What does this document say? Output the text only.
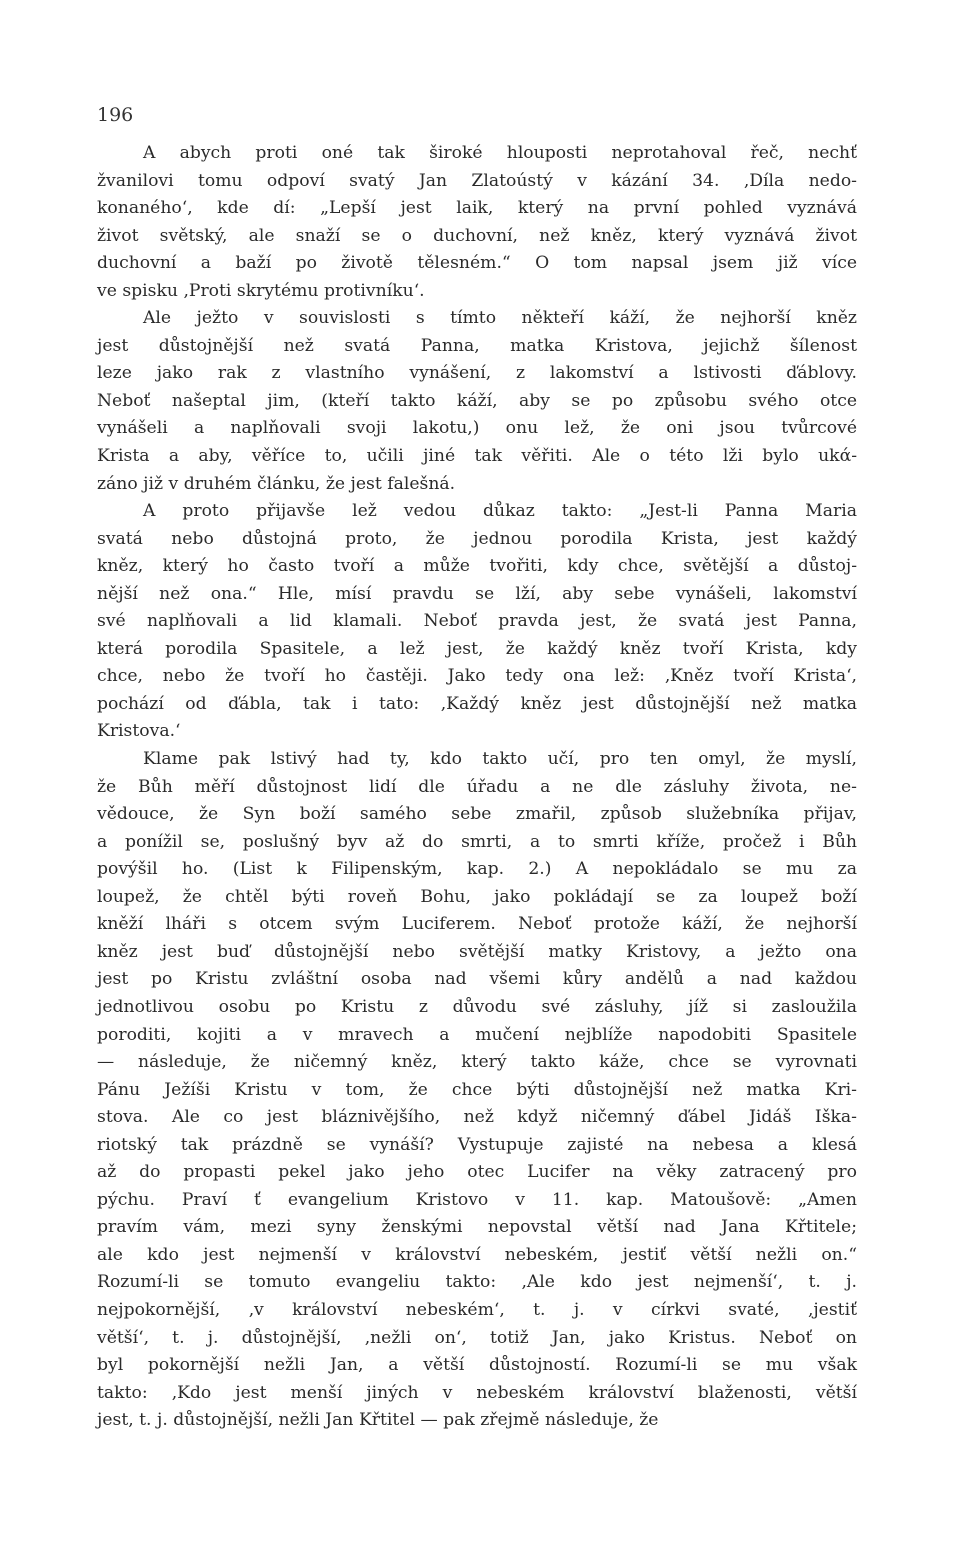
196
A abych proti oné tak široké hlouposti neprotahoval řeč, nechť
žvanilovi tomu odpoví svatý Jan Zlatoústý v kázání 34. ‚Díla nedo-
konaného‘, kde dí: „Lepší jest laik, který na první pohled vyznává
život světský, ale snaží se o duchovní, než kněz, který vyznává život
duchovní a baží po životě tělesném.“ O tom napsal jsem již více
ve spisku ‚Proti skrytému protivníku‘.
Ale ježto v souvislosti s tímto někteří káží, že nejhorší kněz
jest důstojnější než svatá Panna, matka Kristova, jejichž šílenost
leze jako rak z vlastního vynášení, z lakomství a lstivosti ďáblovy.
Neboť našeptal jim, (kteří takto káží, aby se po způsobu svého otce
vynášeli a naplňovali svoji lakotu,) onu lež, že oni jsou tvůrcové
Krista a aby, věříce to, učili jiné tak věřiti. Ale o této lži bylo ukά-
záno již v druhém článku, že jest falešná.
A proto přijavše lež vedou důkaz takto: „Jest-li Panna Maria
svatá nebo důstojná proto, že jednou porodila Krista, jest každý
kněz, který ho často tvoří a může tvořiti, kdy chce, světější a důstoj-
nější než ona.“ Hle, mísí pravdu se lží, aby sebe vynášeli, lakomství
své naplňovali a lid klamali. Neboť pravda jest, že svatá jest Panna,
která porodila Spasitele, a lež jest, že každý kněz tvoří Krista, kdy
chce, nebo že tvoří ho častěji. Jako tedy ona lež: ‚Kněz tvoří Krista‘,
pochází od ďábla, tak i tato: ‚Každý kněz jest důstojnější než matka
Kristova.‘
Klame pak lstivý had ty, kdo takto učí, pro ten omyl, že myslí,
že Bůh měří důstojnost lidí dle úřadu a ne dle zásluhy života, ne-
vědouce, že Syn boží samého sebe zmařil, způsob služebníka přijav,
a ponížil se, poslušný byv až do smrti, a to smrti kříže, pročež i Bůh
povýšil ho. (List k Filipenským, kap. 2.) A nepokládalo se mu za
loupež, že chtěl býti roveň Bohu, jako pokládají se za loupež boží
kněží lháři s otcem svým Luciferem. Neboť protože káží, že nejhorší
kněz jest buď důstojnější nebo světější matky Kristovy, a ježto ona
jest po Kristu zvláštní osoba nad všemi kůry andělů a nad každou
jednotlivou osobu po Kristu z důvodu své zásluhy, jíž si zasloužila
poroditi, kojiti a v mravech a mučení nejblíže napodobiti Spasitele
— následuje, že ničemný kněz, který takto káže, chce se vyrovnati
Pánu Ježíši Kristu v tom, že chce býti důstojnější než matka Kri-
stova. Ale co jest bláznivějšího, než když ničemný ďábel Jidáš Iška-
riotský tak prázdně se vynáší? Vystupuje zajisté na nebesa a klesá
až do propasti pekel jako jeho otec Lucifer na věky zatracený pro
pýchu. Praví ť evangelium Kristovo v 11. kap. Matoušově: „Amen
pravím vám, mezi syny ženskými nepovstal větší nad Jana Křtitele;
ale kdo jest nejmenší v království nebeském, jestiť větší nežli on.“
Rozumí-li se tomuto evangeliu takto: ‚Ale kdo jest nejmenší‘, t. j.
nejpokornější, ‚v království nebeském‘, t. j. v církvi svaté, ‚jestiť
větší‘, t. j. důstojnější, ‚nežli on‘, totiž Jan, jako Kristus. Neboť on
byl pokornější nežli Jan, a větší důstojností. Rozumí-li se mu však
takto: ‚Kdo jest menší jiných v nebeském království blaženosti, větší
jest, t. j. důstojnější, nežli Jan Křtitel — pak zřejmě následuje, že
